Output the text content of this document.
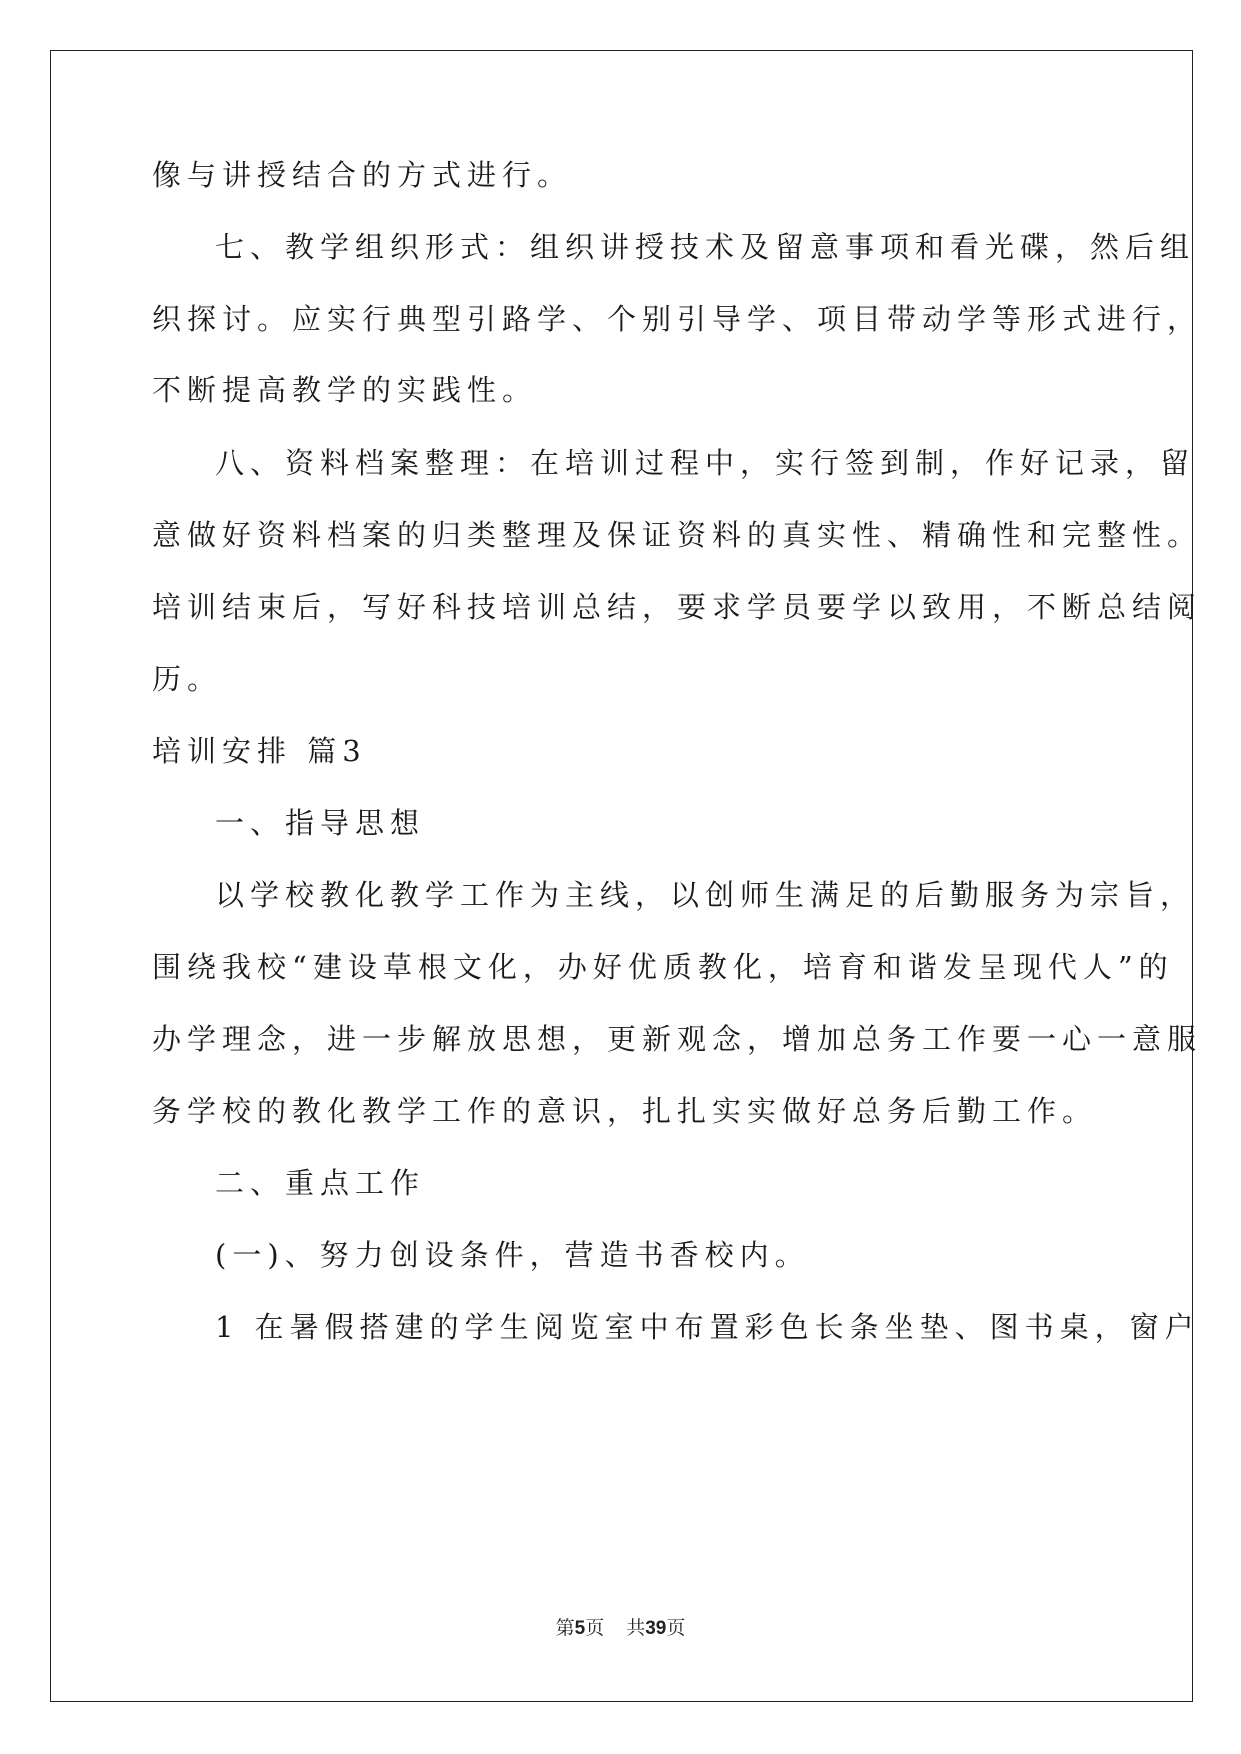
像与讲授结合的方式进行。
七、教学组织形式：组织讲授技术及留意事项和看光碟，然后组
织探讨。应实行典型引路学、个别引导学、项目带动学等形式进行，
不断提高教学的实践性。
八、资料档案整理：在培训过程中，实行签到制，作好记录，留
意做好资料档案的归类整理及保证资料的真实性、精确性和完整性。
培训结束后，写好科技培训总结，要求学员要学以致用，不断总结阅
历。
培训安排 篇3
一、指导思想
以学校教化教学工作为主线，以创师生满足的后勤服务为宗旨，
围绕我校“建设草根文化，办好优质教化，培育和谐发呈现代人”的
办学理念，进一步解放思想，更新观念，增加总务工作要一心一意服
务学校的教化教学工作的意识，扎扎实实做好总务后勤工作。
二、重点工作
(一)、努力创设条件，营造书香校内。
1 在暑假搭建的学生阅览室中布置彩色长条坐垫、图书桌，窗户
第5页 共39页
